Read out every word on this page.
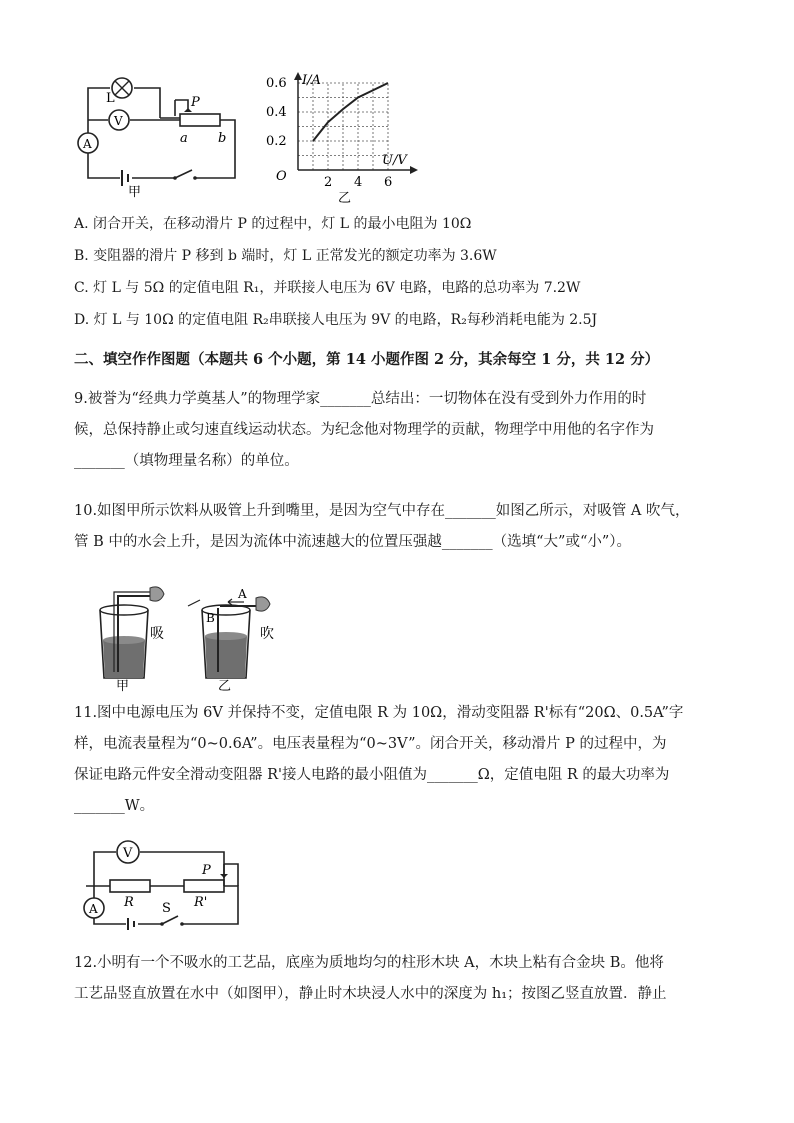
L
V
A
P
a b
甲
0.6
0.4
0.2
2 4 6
I/A
U/V
O
乙
A. 闭合开关，在移动滑片 P 的过程中，灯 L 的最小电阻为 10Ω
B. 变阻器的滑片 P 移到 b 端时，灯 L 正常发光的额定功率为 3.6W
C. 灯 L 与 5Ω 的定值电阻 R₁，并联接人电压为 6V 电路，电路的总功率为 7.2W
D. 灯 L 与 10Ω 的定值电阻 R₂串联接人电压为 9V 的电路，R₂每秒消耗电能为 2.5J
二、填空作作图题（本题共 6 个小题，第 14 小题作图 2 分，其余每空 1 分，共 12 分）
9.被誉为“经典力学奠基人”的物理学家_______总结出：一切物体在没有受到外力作用的时
候，总保持静止或匀速直线运动状态。为纪念他对物理学的贡献，物理学中用他的名字作为
_______（填物理量名称）的单位。
10.如图甲所示饮料从吸管上升到嘴里，是因为空气中存在_______如图乙所示，对吸管 A 吹气，
管 B 中的水会上升，是因为流体中流速越大的位置压强越_______（选填“大”或“小”）。
吸
甲
A
B
吹
乙
11.图中电源电压为 6V 并保持不变，定值电限 R 为 10Ω，滑动变阻器 R'标有“20Ω、0.5A”字
样，电流表量程为“0~0.6A”。电压表量程为“0~3V”。闭合开关，移动滑片 P 的过程中，为
保证电路元件安全滑动变阻器 R'接人电路的最小阻值为_______Ω，定值电阻 R 的最大功率为
_______W。
V
A R	R'
S
P
12.小明有一个不吸水的工艺品，底座为质地均匀的柱形木块 A，木块上粘有合金块 B。他将
工艺品竖直放置在水中（如图甲），静止时木块浸人水中的深度为 h₁；按图乙竖直放置．静止
